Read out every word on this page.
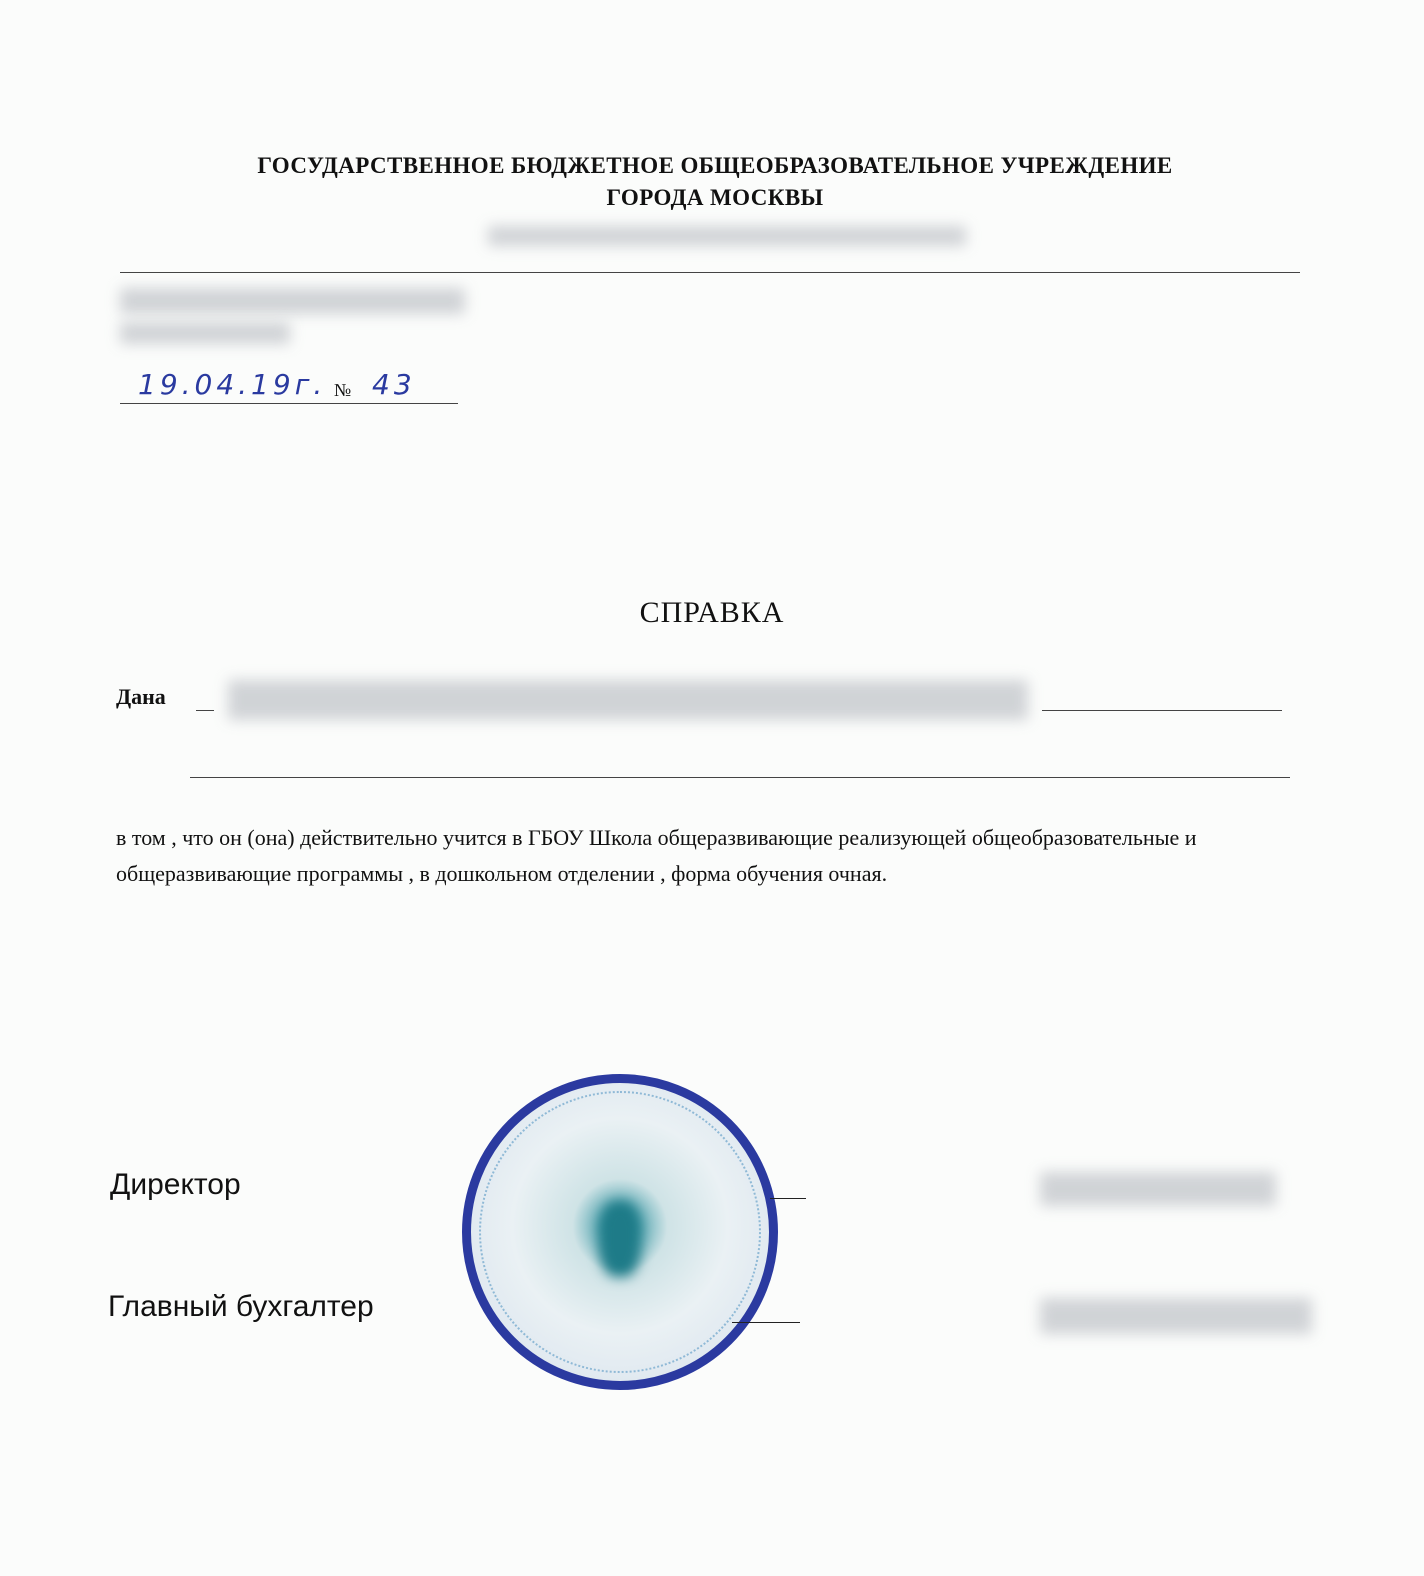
ГОСУДАРСТВЕННОЕ БЮДЖЕТНОЕ ОБЩЕОБРАЗОВАТЕЛЬНОЕ УЧРЕЖДЕНИЕ
ГОРОДА МОСКВЫ
19.04.19г. № 43
СПРАВКА
Дана
в том , что он (она) действительно учится в ГБОУ Школа общеразвивающие реализующей общеобразовательные и общеразвивающие программы , в дошкольном отделении , форма обучения очная.
Директор
Главный бухгалтер
